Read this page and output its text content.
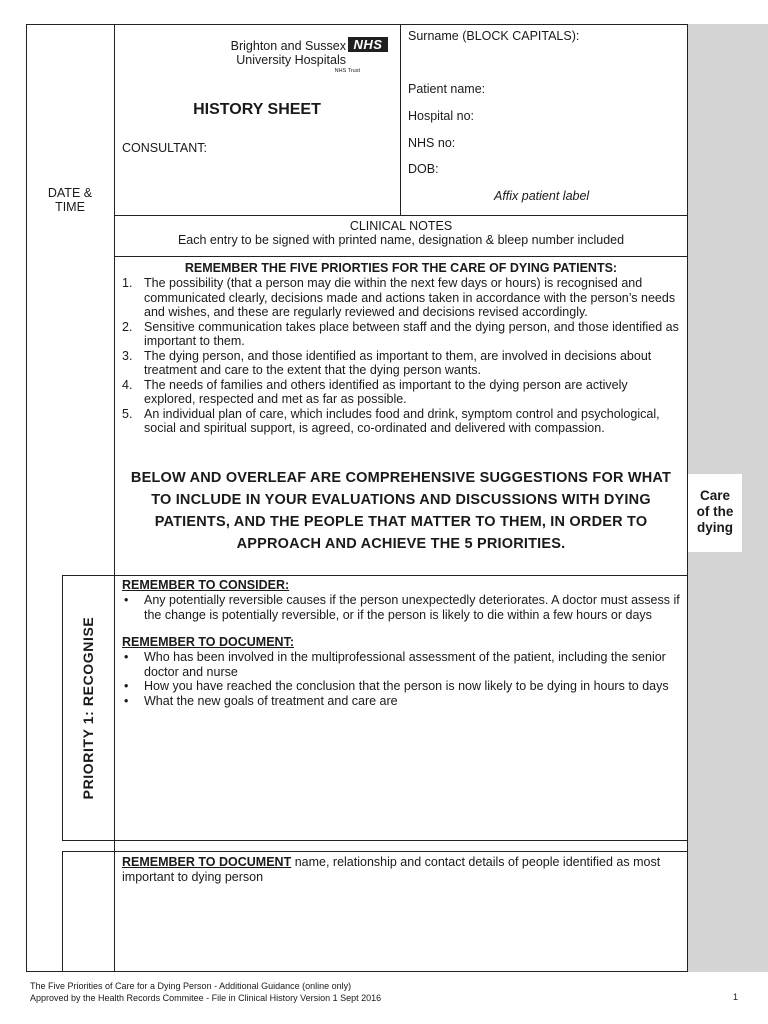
Care
of the
dying
DATE &
TIME
Brighton and Sussex
University Hospitals
NHS
NHS Trust
HISTORY SHEET
CONSULTANT:
Surname (BLOCK CAPITALS):
Patient name:
Hospital no:
NHS no:
DOB:
Affix patient label
CLINICAL NOTES
Each entry to be signed with printed name, designation & bleep number included
REMEMBER THE FIVE PRIORTIES FOR THE CARE OF DYING PATIENTS:
1. The possibility (that a person may die within the next few days or hours) is recognised and communicated clearly, decisions made and actions taken in accordance with the person’s needs and wishes, and these are regularly reviewed and decisions revised accordingly.
2. Sensitive communication takes place between staff and the dying person, and those identified as important to them.
3. The dying person, and those identified as important to them, are involved in decisions about treatment and care to the extent that the dying person wants.
4. The needs of families and others identified as important to the dying person are actively explored, respected and met as far as possible.
5. An individual plan of care, which includes food and drink, symptom control and psychological, social and spiritual support, is agreed, co-ordinated and delivered with compassion.
BELOW AND OVERLEAF ARE COMPREHENSIVE SUGGESTIONS FOR WHAT TO INCLUDE IN YOUR EVALUATIONS AND DISCUSSIONS WITH DYING PATIENTS, AND THE PEOPLE THAT MATTER TO THEM, IN ORDER TO APPROACH AND ACHIEVE THE 5 PRIORITIES.
PRIORITY 1: RECOGNISE
REMEMBER TO CONSIDER:
• Any potentially reversible causes if the person unexpectedly deteriorates. A doctor must assess if the change is potentially reversible, or if the person is likely to die within a few hours or days
REMEMBER TO DOCUMENT:
• Who has been involved in the multiprofessional assessment of the patient, including the senior doctor and nurse
• How you have reached the conclusion that the person is now likely to be dying in hours to days
• What the new goals of treatment and care are
REMEMBER TO DOCUMENT name, relationship and contact details of people identified as most important to dying person
The Five Priorities of Care for a Dying Person - Additional Guidance (online only)
Approved by the Health Records Commitee - File in Clinical History Version 1 Sept 2016	1
